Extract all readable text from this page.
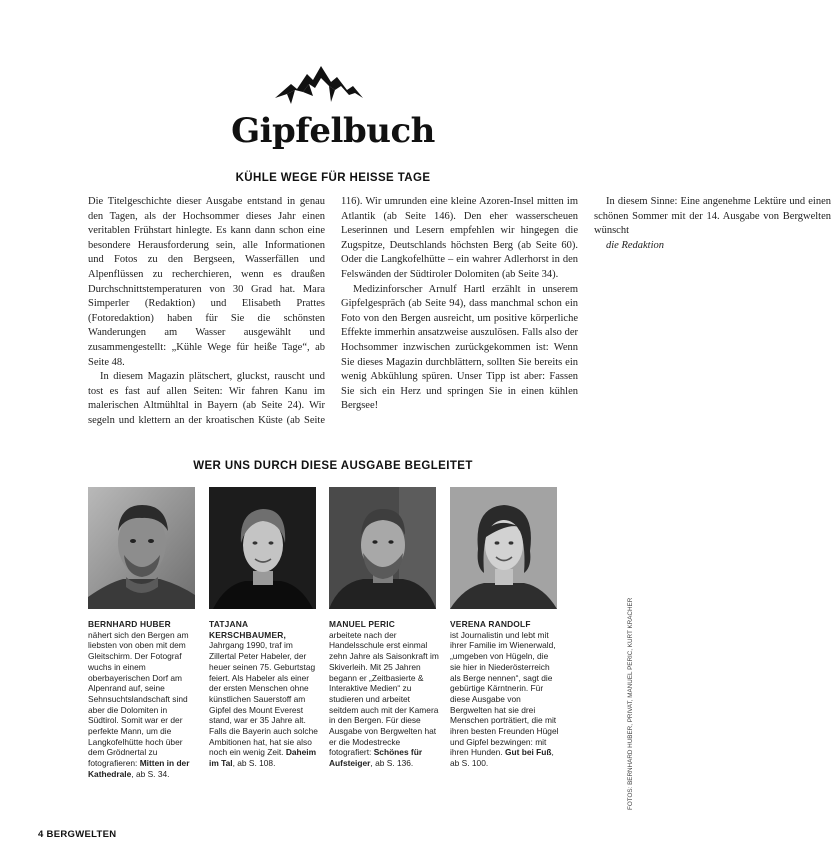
Gipfelbuch
KÜHLE WEGE FÜR HEISSE TAGE

Die Titelgeschichte dieser Ausgabe entstand in genau den Tagen, als der Hochsommer dieses Jahr einen veritablen Frühstart hinlegte. Es kann dann schon eine besondere Herausforderung sein, alle Informationen und Fotos zu den Bergseen, Wasserfällen und Alpenflüssen zu recherchieren, wenn es draußen Durchschnittstemperaturen von 30 Grad hat. Mara Simperler (Redaktion) und Elisabeth Prattes (Fotoredaktion) haben für Sie die schönsten Wanderungen am Wasser ausgewählt und zusammengestellt: „Kühle Wege für heiße Tage“, ab Seite 48.

In diesem Magazin plätschert, gluckst, rauscht und tost es fast auf allen Seiten: Wir fahren Kanu im malerischen Altmühltal in Bayern (ab Seite 24). Wir segeln und klettern an der kroatischen Küste (ab Seite 116). Wir umrunden eine kleine Azoren-Insel mitten im Atlantik (ab Seite 146). Den eher wasserscheuen Leserinnen und Lesern empfehlen wir hingegen die Zugspitze, Deutschlands höchsten Berg (ab Seite 60). Oder die Langkofelhütte – ein wahrer Adlerhorst in den Felswänden der Südtiroler Dolomiten (ab Seite 34).

Medizinforscher Arnulf Hartl erzählt in unserem Gipfelgespräch (ab Seite 94), dass manchmal schon ein Foto von den Bergen ausreicht, um positive körperliche Effekte immerhin ansatzweise auszulösen. Falls also der Hochsommer inzwischen zurückgekommen ist: Wenn Sie dieses Magazin durchblättern, sollten Sie bereits ein wenig Abkühlung spüren. Unser Tipp ist aber: Fassen Sie sich ein Herz und springen Sie in einen kühlen Bergsee!

In diesem Sinne: Eine angenehme Lektüre und einen schönen Sommer mit der 14. Ausgabe von Bergwelten wünscht

die Redaktion

WER UNS DURCH DIESE AUSGABE BEGLEITET
BERNHARD HUBER
nähert sich den Bergen am liebsten von oben mit dem Gleitschirm. Der Fotograf wuchs in einem oberbayerischen Dorf am Alpenrand auf, seine Sehnsuchtslandschaft sind aber die Dolomiten in Südtirol. Somit war er der perfekte Mann, um die Langkofelhütte hoch über dem Grödnertal zu fotografieren: Mitten in der Kathedrale, ab S. 34.
TATJANA KERSCHBAUMER,
Jahrgang 1990, traf im Zillertal Peter Habeler, der heuer seinen 75. Geburtstag feiert. Als Habeler als einer der ersten Menschen ohne künstlichen Sauerstoff am Gipfel des Mount Everest stand, war er 35 Jahre alt. Falls die Bayerin auch solche Ambitionen hat, hat sie also noch ein wenig Zeit. Daheim im Tal, ab S. 108.
MANUEL PERIC
arbeitete nach der Handelsschule erst einmal zehn Jahre als Saisonkraft im Skiverleih. Mit 25 Jahren begann er „Zeitbasierte & Interaktive Medien“ zu studieren und arbeitet seitdem auch mit der Kamera in den Bergen. Für diese Ausgabe von Bergwelten hat er die Modestrecke fotografiert: Schönes für Aufsteiger, ab S. 136.
VERENA RANDOLF
ist Journalistin und lebt mit ihrer Familie im Wienerwald, „umgeben von Hügeln, die sie hier in Niederösterreich als Berge nennen“, sagt die gebürtige Kärntnerin. Für diese Ausgabe von Bergwelten hat sie drei Menschen porträtiert, die mit ihren besten Freunden Hügel und Gipfel bezwingen: mit ihren Hunden. Gut bei Fuß, ab S. 100.	FOTOS: BERNHARD HUBER, PRIVAT, MANUEL PERIC, KURT KRACHER
4 BERGWELTEN
